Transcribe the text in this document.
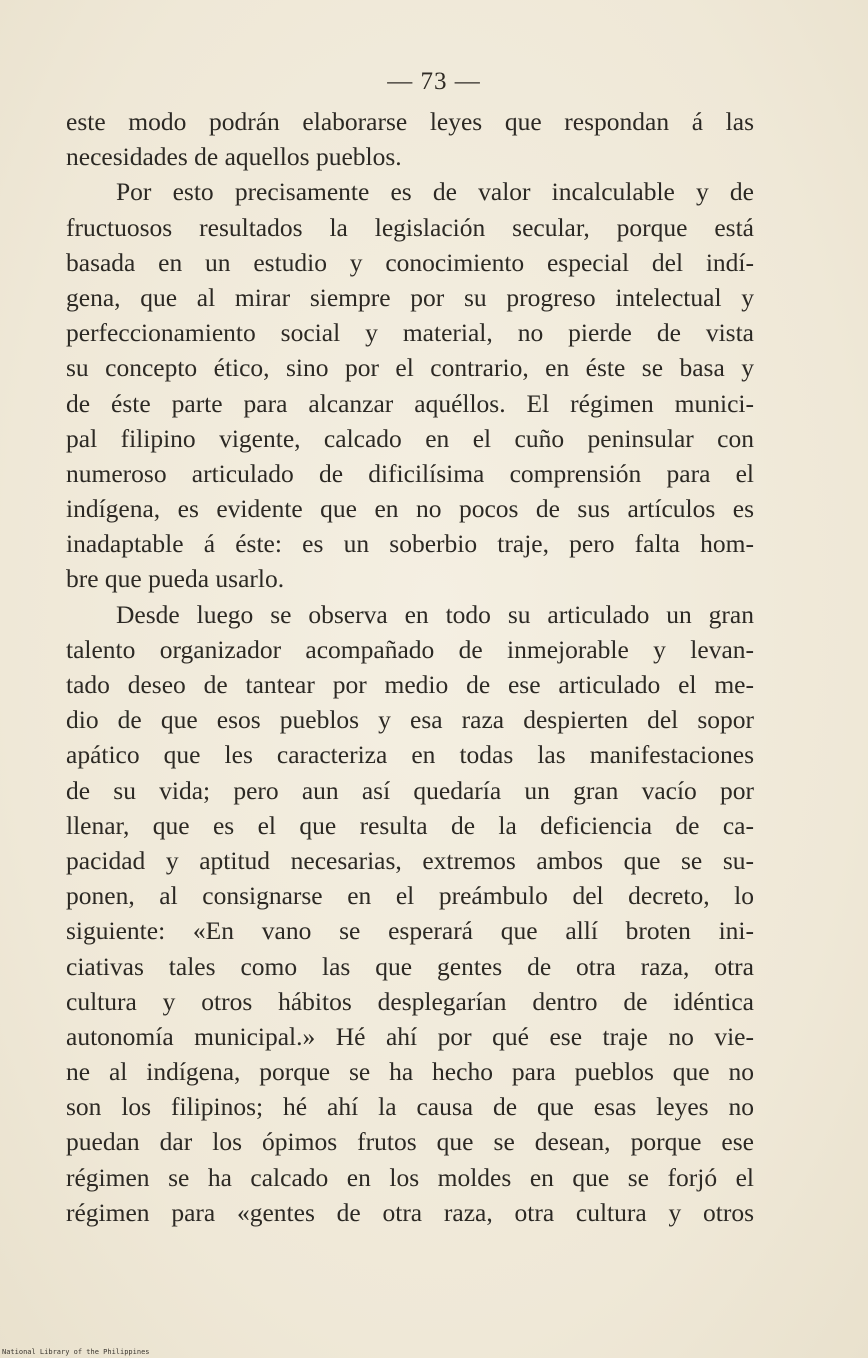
— 73 —
este modo podrán elaborarse leyes que respondan á las
necesidades de aquellos pueblos.
Por esto precisamente es de valor incalculable y de
fructuosos resultados la legislación secular, porque está
basada en un estudio y conocimiento especial del indí-
gena, que al mirar siempre por su progreso intelectual y
perfeccionamiento social y material, no pierde de vista
su concepto ético, sino por el contrario, en éste se basa y
de éste parte para alcanzar aquéllos. El régimen munici-
pal filipino vigente, calcado en el cuño peninsular con
numeroso articulado de dificilísima comprensión para el
indígena, es evidente que en no pocos de sus artículos es
inadaptable á éste: es un soberbio traje, pero falta hom-
bre que pueda usarlo.
Desde luego se observa en todo su articulado un gran
talento organizador acompañado de inmejorable y levan-
tado deseo de tantear por medio de ese articulado el me-
dio de que esos pueblos y esa raza despierten del sopor
apático que les caracteriza en todas las manifestaciones
de su vida; pero aun así quedaría un gran vacío por
llenar, que es el que resulta de la deficiencia de ca-
pacidad y aptitud necesarias, extremos ambos que se su-
ponen, al consignarse en el preámbulo del decreto, lo
siguiente: «En vano se esperará que allí broten ini-
ciativas tales como las que gentes de otra raza, otra
cultura y otros hábitos desplegarían dentro de idéntica
autonomía municipal.» Hé ahí por qué ese traje no vie-
ne al indígena, porque se ha hecho para pueblos que no
son los filipinos; hé ahí la causa de que esas leyes no
puedan dar los ópimos frutos que se desean, porque ese
régimen se ha calcado en los moldes en que se forjó el
régimen para «gentes de otra raza, otra cultura y otros
National Library of the Philippines
